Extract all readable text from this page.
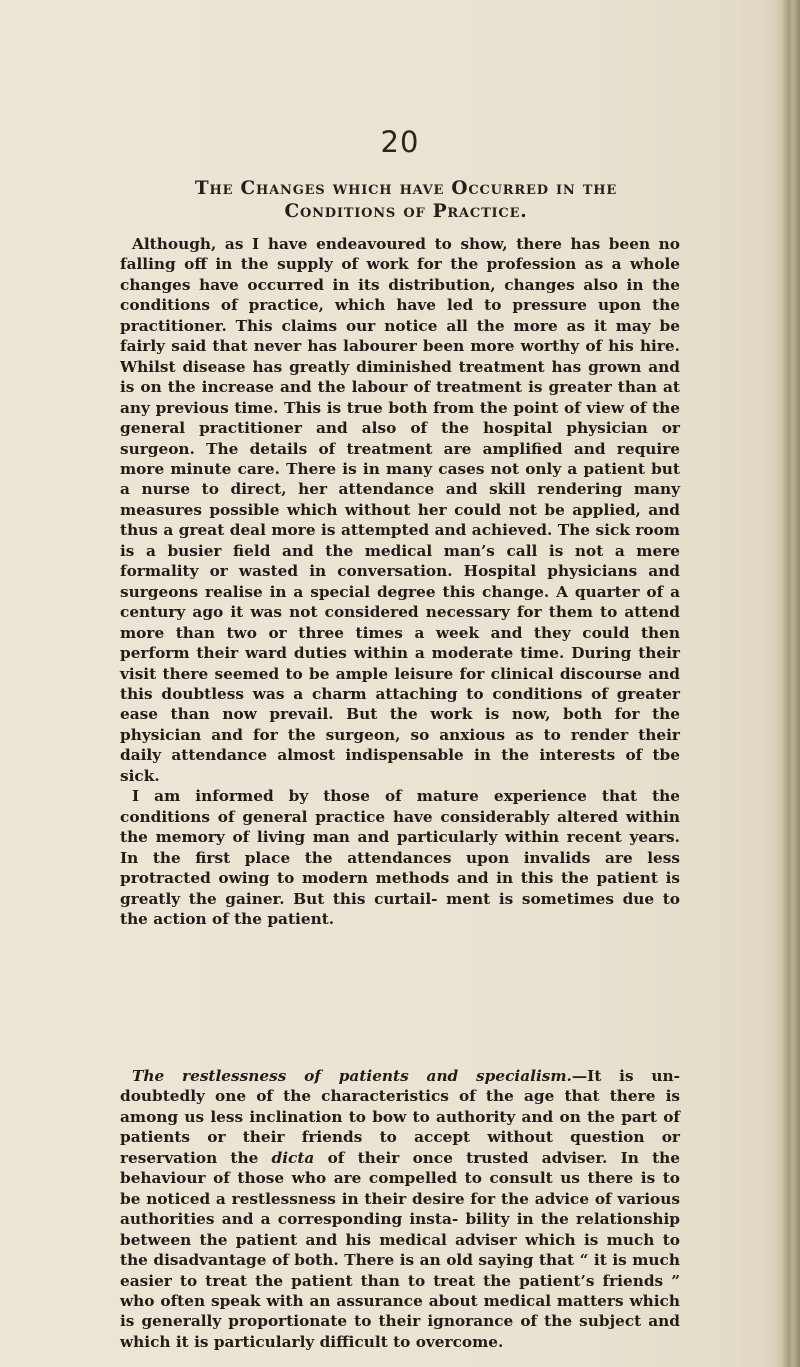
20
The Changes which have Occurred in the
Conditions of Practice.

Although, as I have endeavoured to show, there has been no falling off in the supply of work for the profession as a whole changes have occurred in its distribution, changes also in the conditions of practice, which have led to pressure upon the practitioner. This claims our notice all the more as it may be fairly said that never has labourer been more worthy of his hire. Whilst disease has greatly diminished treatment has grown and is on the increase and the labour of treatment is greater than at any previous time. This is true both from the point of view of the general practitioner and also of the hospital physician or surgeon. The details of treatment are amplified and require more minute care. There is in many cases not only a patient but a nurse to direct, her attendance and skill rendering many measures possible which without her could not be applied, and thus a great deal more is attempted and achieved. The sick room is a busier field and the medical man’s call is not a mere formality or wasted in conversation. Hospital physicians and surgeons realise in a special degree this change. A quarter of a century ago it was not considered necessary for them to attend more than two or three times a week and they could then perform their ward duties within a moderate time. During their visit there seemed to be ample leisure for clinical discourse and this doubtless was a charm attaching to conditions of greater ease than now prevail. But the work is now, both for the physician and for the surgeon, so anxious as to render their daily attendance almost indispensable in the interests of tbe sick.

I am informed by those of mature experience that the conditions of general practice have considerably altered within the memory of living man and particularly within recent years. In the first place the attendances upon invalids are less protracted owing to modern methods and in this the patient is greatly the gainer. But this curtail- ment is sometimes due to the action of the patient.

The restlessness of patients and specialism.—It is un- doubtedly one of the characteristics of the age that there is among us less inclination to bow to authority and on the part of patients or their friends to accept without question or reservation the dicta of their once trusted adviser. In the behaviour of those who are compelled to consult us there is to be noticed a restlessness in their desire for the advice of various authorities and a corresponding insta- bility in the relationship between the patient and his medical adviser which is much to the disadvantage of both. There is an old saying that “ it is much easier to treat the patient than to treat the patient’s friends ” who often speak with an assurance about medical matters which is generally proportionate to their ignorance of the subject and which it is particularly difficult to overcome.
